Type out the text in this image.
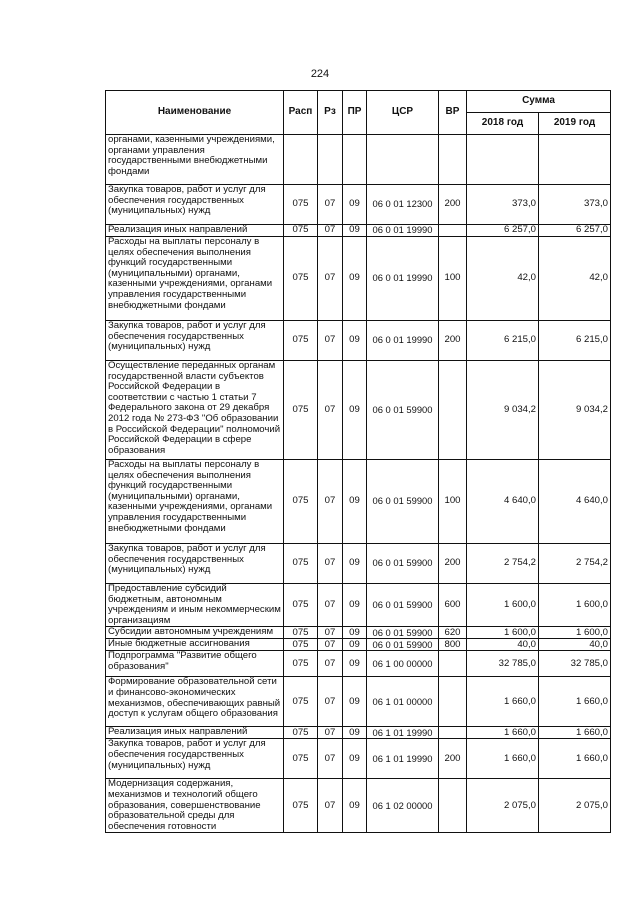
224
Наименование	Расп	Рз	ПР	ЦСР	ВР	Сумма	
						2018 год	2019 год
органами, казенными учреждениями, органами управления государственными внебюджетными фондами							
Закупка товаров, работ и услуг для обеспечения государственных (муниципальных) нужд	075	07	09	06 0 01 12300	200	373,0	373,0
Реализация иных направлений	075	07	09	06 0 01 19990		6 257,0	6 257,0
Расходы на выплаты персоналу в целях обеспечения выполнения функций государственными (муниципальными) органами, казенными учреждениями, органами управления государственными внебюджетными фондами	075	07	09	06 0 01 19990	100	42,0	42,0
Закупка товаров, работ и услуг для обеспечения государственных (муниципальных) нужд	075	07	09	06 0 01 19990	200	6 215,0	6 215,0
Осуществление переданных органам государственной власти субъектов Российской Федерации в соответствии с частью 1 статьи 7 Федерального закона от 29 декабря 2012 года № 273-ФЗ "Об образовании в Российской Федерации" полномочий Российской Федерации в сфере образования	075	07	09	06 0 01 59900		9 034,2	9 034,2
Расходы на выплаты персоналу в целях обеспечения выполнения функций государственными (муниципальными) органами, казенными учреждениями, органами управления государственными внебюджетными фондами	075	07	09	06 0 01 59900	100	4 640,0	4 640,0
Закупка товаров, работ и услуг для обеспечения государственных (муниципальных) нужд	075	07	09	06 0 01 59900	200	2 754,2	2 754,2
Предоставление субсидий бюджетным, автономным учреждениям и иным некоммерческим организациям	075	07	09	06 0 01 59900	600	1 600,0	1 600,0
Субсидии автономным учреждениям	075	07	09	06 0 01 59900	620	1 600,0	1 600,0
Иные бюджетные ассигнования	075	07	09	06 0 01 59900	800	40,0	40,0
Подпрограмма "Развитие общего образования"	075	07	09	06 1 00 00000		32 785,0	32 785,0
Формирование образовательной сети и финансово-экономических механизмов, обеспечивающих равный доступ к услугам общего образования	075	07	09	06 1 01 00000		1 660,0	1 660,0
Реализация иных направлений	075	07	09	06 1 01 19990		1 660,0	1 660,0
Закупка товаров, работ и услуг для обеспечения государственных (муниципальных) нужд	075	07	09	06 1 01 19990	200	1 660,0	1 660,0
Модернизация содержания, механизмов и технологий общего образования, совершенствование образовательной среды для обеспечения готовности	075	07	09	06 1 02 00000		2 075,0	2 075,0
